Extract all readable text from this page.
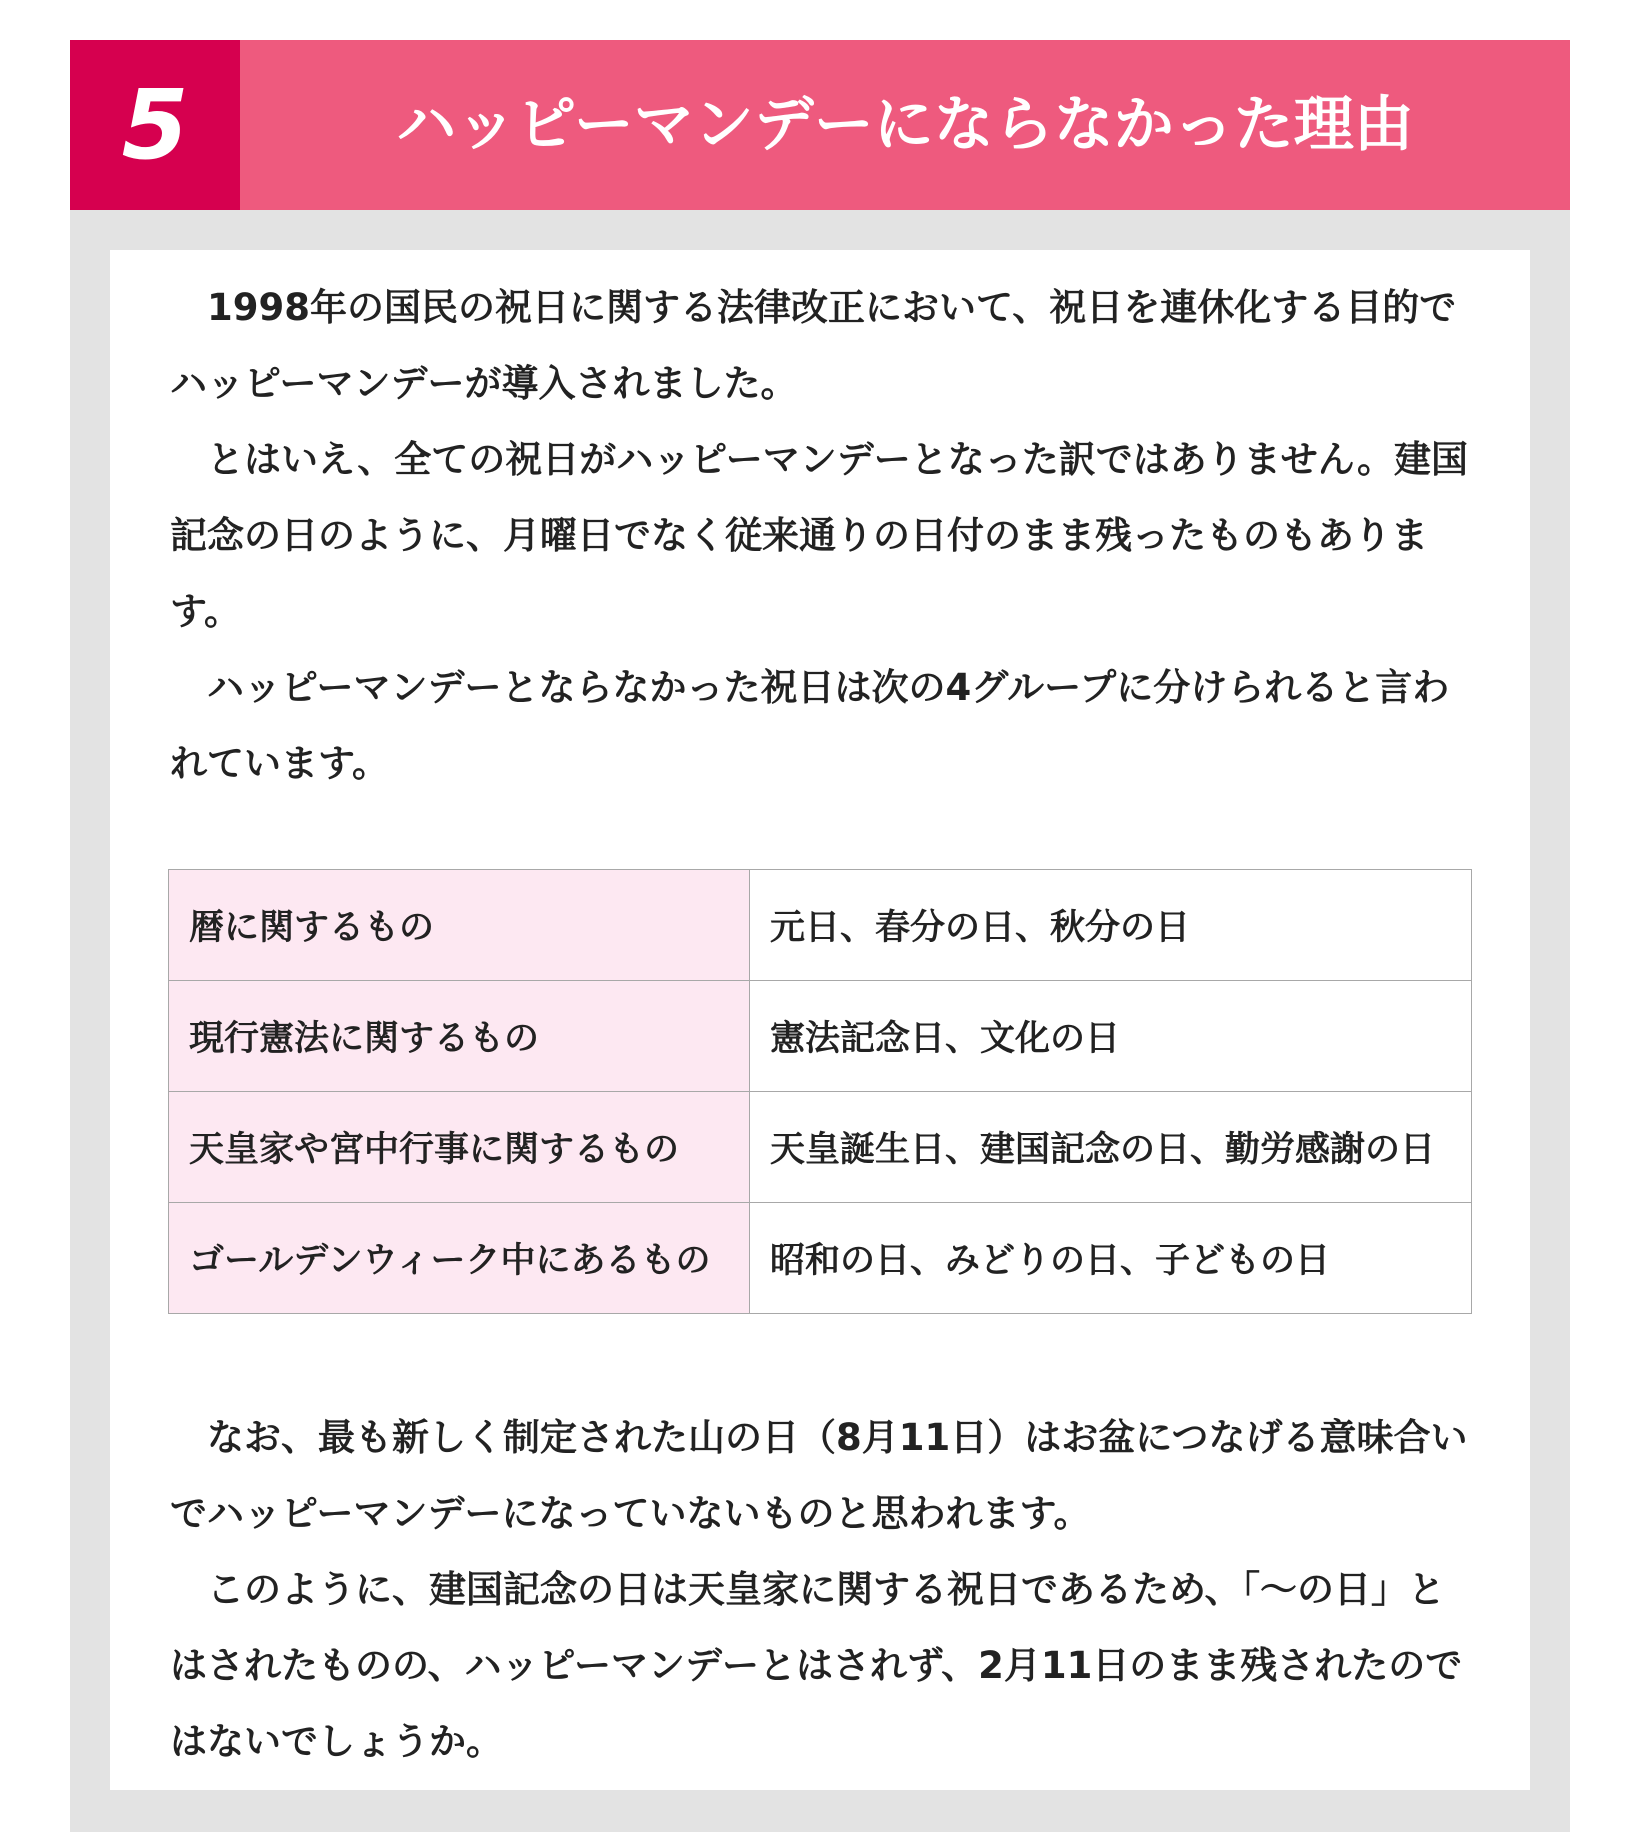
5	ハッピーマンデーにならなかった理由

1998年の国民の祝日に関する法律改正において、祝日を連休化する目的でハッピーマンデーが導入されました。

とはいえ、全ての祝日がハッピーマンデーとなった訳ではありません。建国記念の日のように、月曜日でなく従来通りの日付のまま残ったものもあります。

ハッピーマンデーとならなかった祝日は次の4グループに分けられると言われています。

暦に関するもの	元日、春分の日、秋分の日
現行憲法に関するもの	憲法記念日、文化の日
天皇家や宮中行事に関するもの	天皇誕生日、建国記念の日、勤労感謝の日
ゴールデンウィーク中にあるもの	昭和の日、みどりの日、子どもの日

なお、最も新しく制定された山の日（8月11日）はお盆につなげる意味合いでハッピーマンデーになっていないものと思われます。

このように、建国記念の日は天皇家に関する祝日であるため、「〜の日」とはされたものの、ハッピーマンデーとはされず、2月11日のまま残されたのではないでしょうか。
